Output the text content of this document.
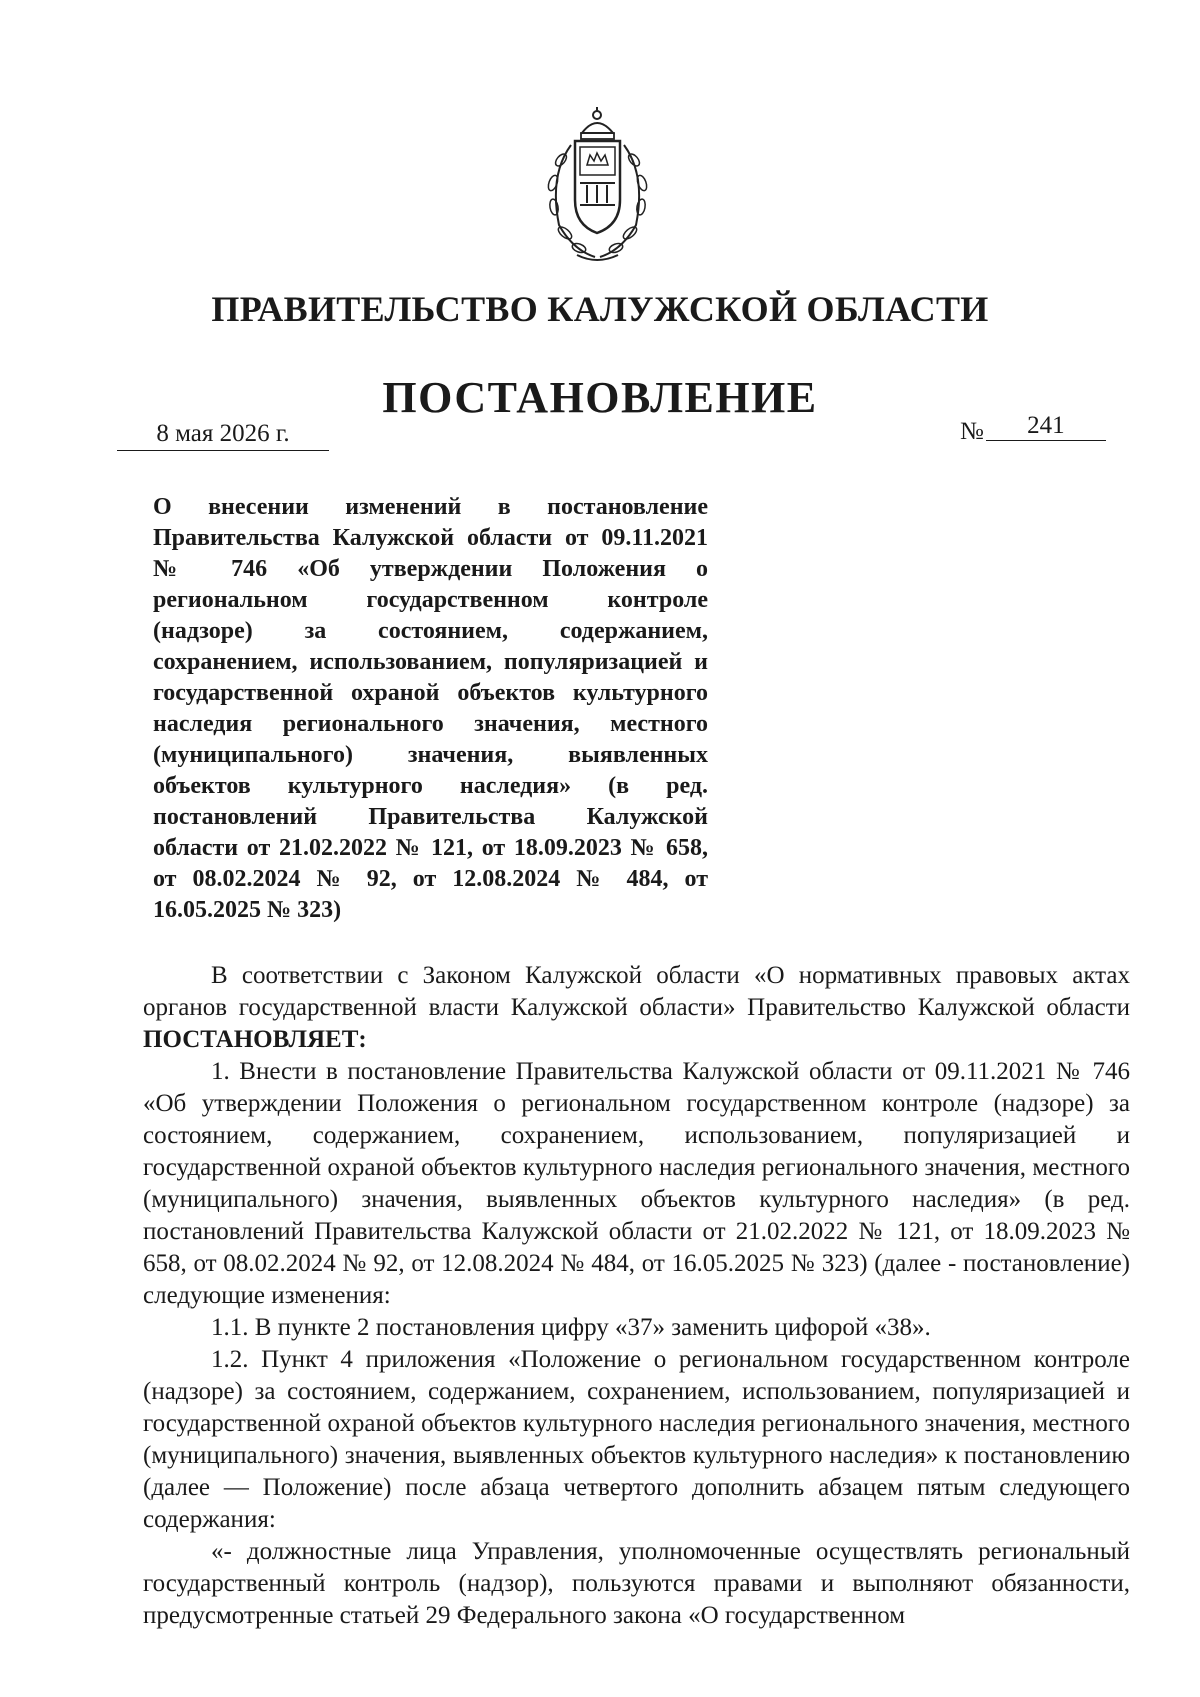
ПРАВИТЕЛЬСТВО КАЛУЖСКОЙ ОБЛАСТИ
ПОСТАНОВЛЕНИЕ
8 мая 2026 г.	№ 241
О внесении изменений в постановление Правительства Калужской области от 09.11.2021 № 746 «Об утверждении Положения о региональном государственном контроле (надзоре) за состоянием, содержанием, сохранением, использованием, популяризацией и государственной охраной объектов культурного наследия регионального значения, местного (муниципального) значения, выявленных объектов культурного наследия» (в ред. постановлений Правительства Калужской области от 21.02.2022 № 121, от 18.09.2023 № 658, от 08.02.2024 № 92, от 12.08.2024 № 484, от 16.05.2025 № 323)

В соответствии с Законом Калужской области «О нормативных правовых актах органов государственной власти Калужской области» Правительство Калужской области ПОСТАНОВЛЯЕТ:

1. Внести в постановление Правительства Калужской области от 09.11.2021 № 746 «Об утверждении Положения о региональном государственном контроле (надзоре) за состоянием, содержанием, сохранением, использованием, популяризацией и государственной охраной объектов культурного наследия регионального значения, местного (муниципального) значения, выявленных объектов культурного наследия» (в ред. постановлений Правительства Калужской области от 21.02.2022 № 121, от 18.09.2023 № 658, от 08.02.2024 № 92, от 12.08.2024 № 484, от 16.05.2025 № 323) (далее - постановление) следующие изменения:

1.1. В пункте 2 постановления цифру «37» заменить цифорой «38».

1.2. Пункт 4 приложения «Положение о региональном государственном контроле (надзоре) за состоянием, содержанием, сохранением, использованием, популяризацией и государственной охраной объектов культурного наследия регионального значения, местного (муниципального) значения, выявленных объектов культурного наследия» к постановлению (далее — Положение) после абзаца четвертого дополнить абзацем пятым следующего содержания:

«- должностные лица Управления, уполномоченные осуществлять региональный государственный контроль (надзор), пользуются правами и выполняют обязанности, предусмотренные статьей 29 Федерального закона «О государственном
